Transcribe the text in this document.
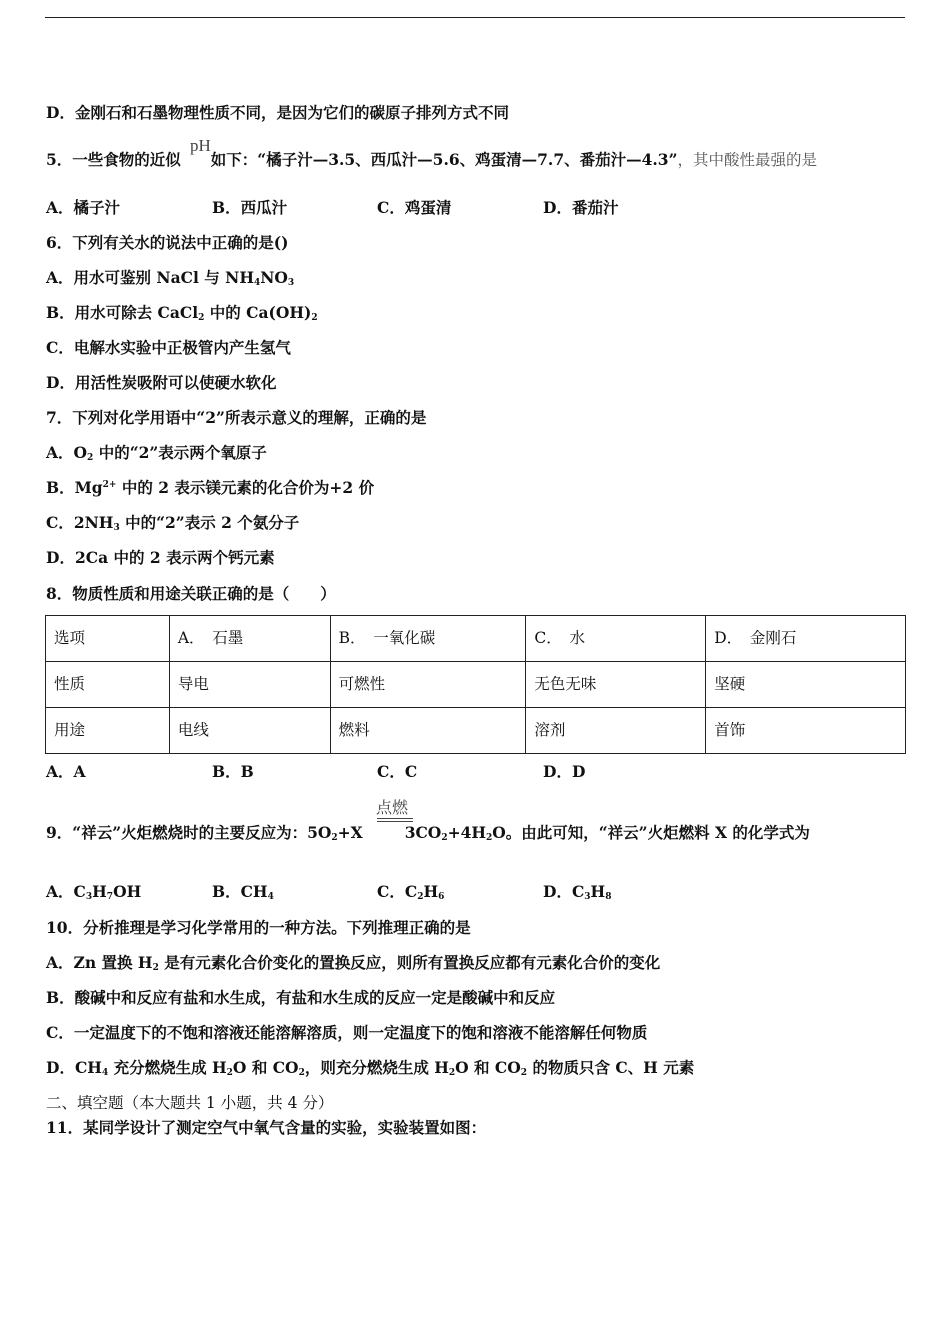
D．金刚石和石墨物理性质不同，是因为它们的碳原子排列方式不同
pH
5．一些食物的近似 如下：“橘子汁—3.5、西瓜汁—5.6、鸡蛋清—7.7、番茄汁—4.3”，其中酸性最强的是
A．橘子汁	B．西瓜汁	C．鸡蛋清	D．番茄汁
6．下列有关水的说法中正确的是()
A．用水可鉴别 NaCl 与 $NH_4NO_3$
B．用水可除去 CaCl$_2$ 中的 $Ca(OH)_2$
C．电解水实验中正极管内产生氢气
D．用活性炭吸附可以使硬水软化
7．下列对化学用语中“2”所表示意义的理解，正确的是
A．$O_2$ 中的“2”表示两个氧原子
B．$Mg^{2+}$ 中的 2 表示镁元素的化合价为+2 价
C．$2NH_3$ 中的“2”表示 2 个氨分子
D．2Ca 中的 2 表示两个钙元素
8．物质性质和用途关联正确的是（　　）
选项	A．　石墨	B．　一氧化碳	C．　水	D．　金刚石
性质	导电	可燃性	无色无味	坚硬
用途	电线	燃料	溶剂	首饰
A．A	B．B	C．C	D．D
点燃
9．“祥云”火炬燃烧时的主要反应为：$5O_2+X$	$3CO_2+4H_2O$。由此可知，“祥云”火炬燃料 X 的化学式为
A．$C_3H_7OH$	B．$CH_4$	C．$C_2H_6$	D．$C_3H_8$
10．分析推理是学习化学常用的一种方法。下列推理正确的是
A．Zn 置换 $H_2$ 是有元素化合价变化的置换反应，则所有置换反应都有元素化合价的变化
B．酸碱中和反应有盐和水生成，有盐和水生成的反应一定是酸碱中和反应
C．一定温度下的不饱和溶液还能溶解溶质，则一定温度下的饱和溶液不能溶解任何物质
D．$CH_4$ 充分燃烧生成 $H_2O$ 和 $CO_2$，则充分燃烧生成 $H_2O$ 和 $CO_2$ 的物质只含 C、H 元素
二、填空题（本大题共 1 小题，共 4 分）
11．某同学设计了测定空气中氧气含量的实验，实验装置如图：
